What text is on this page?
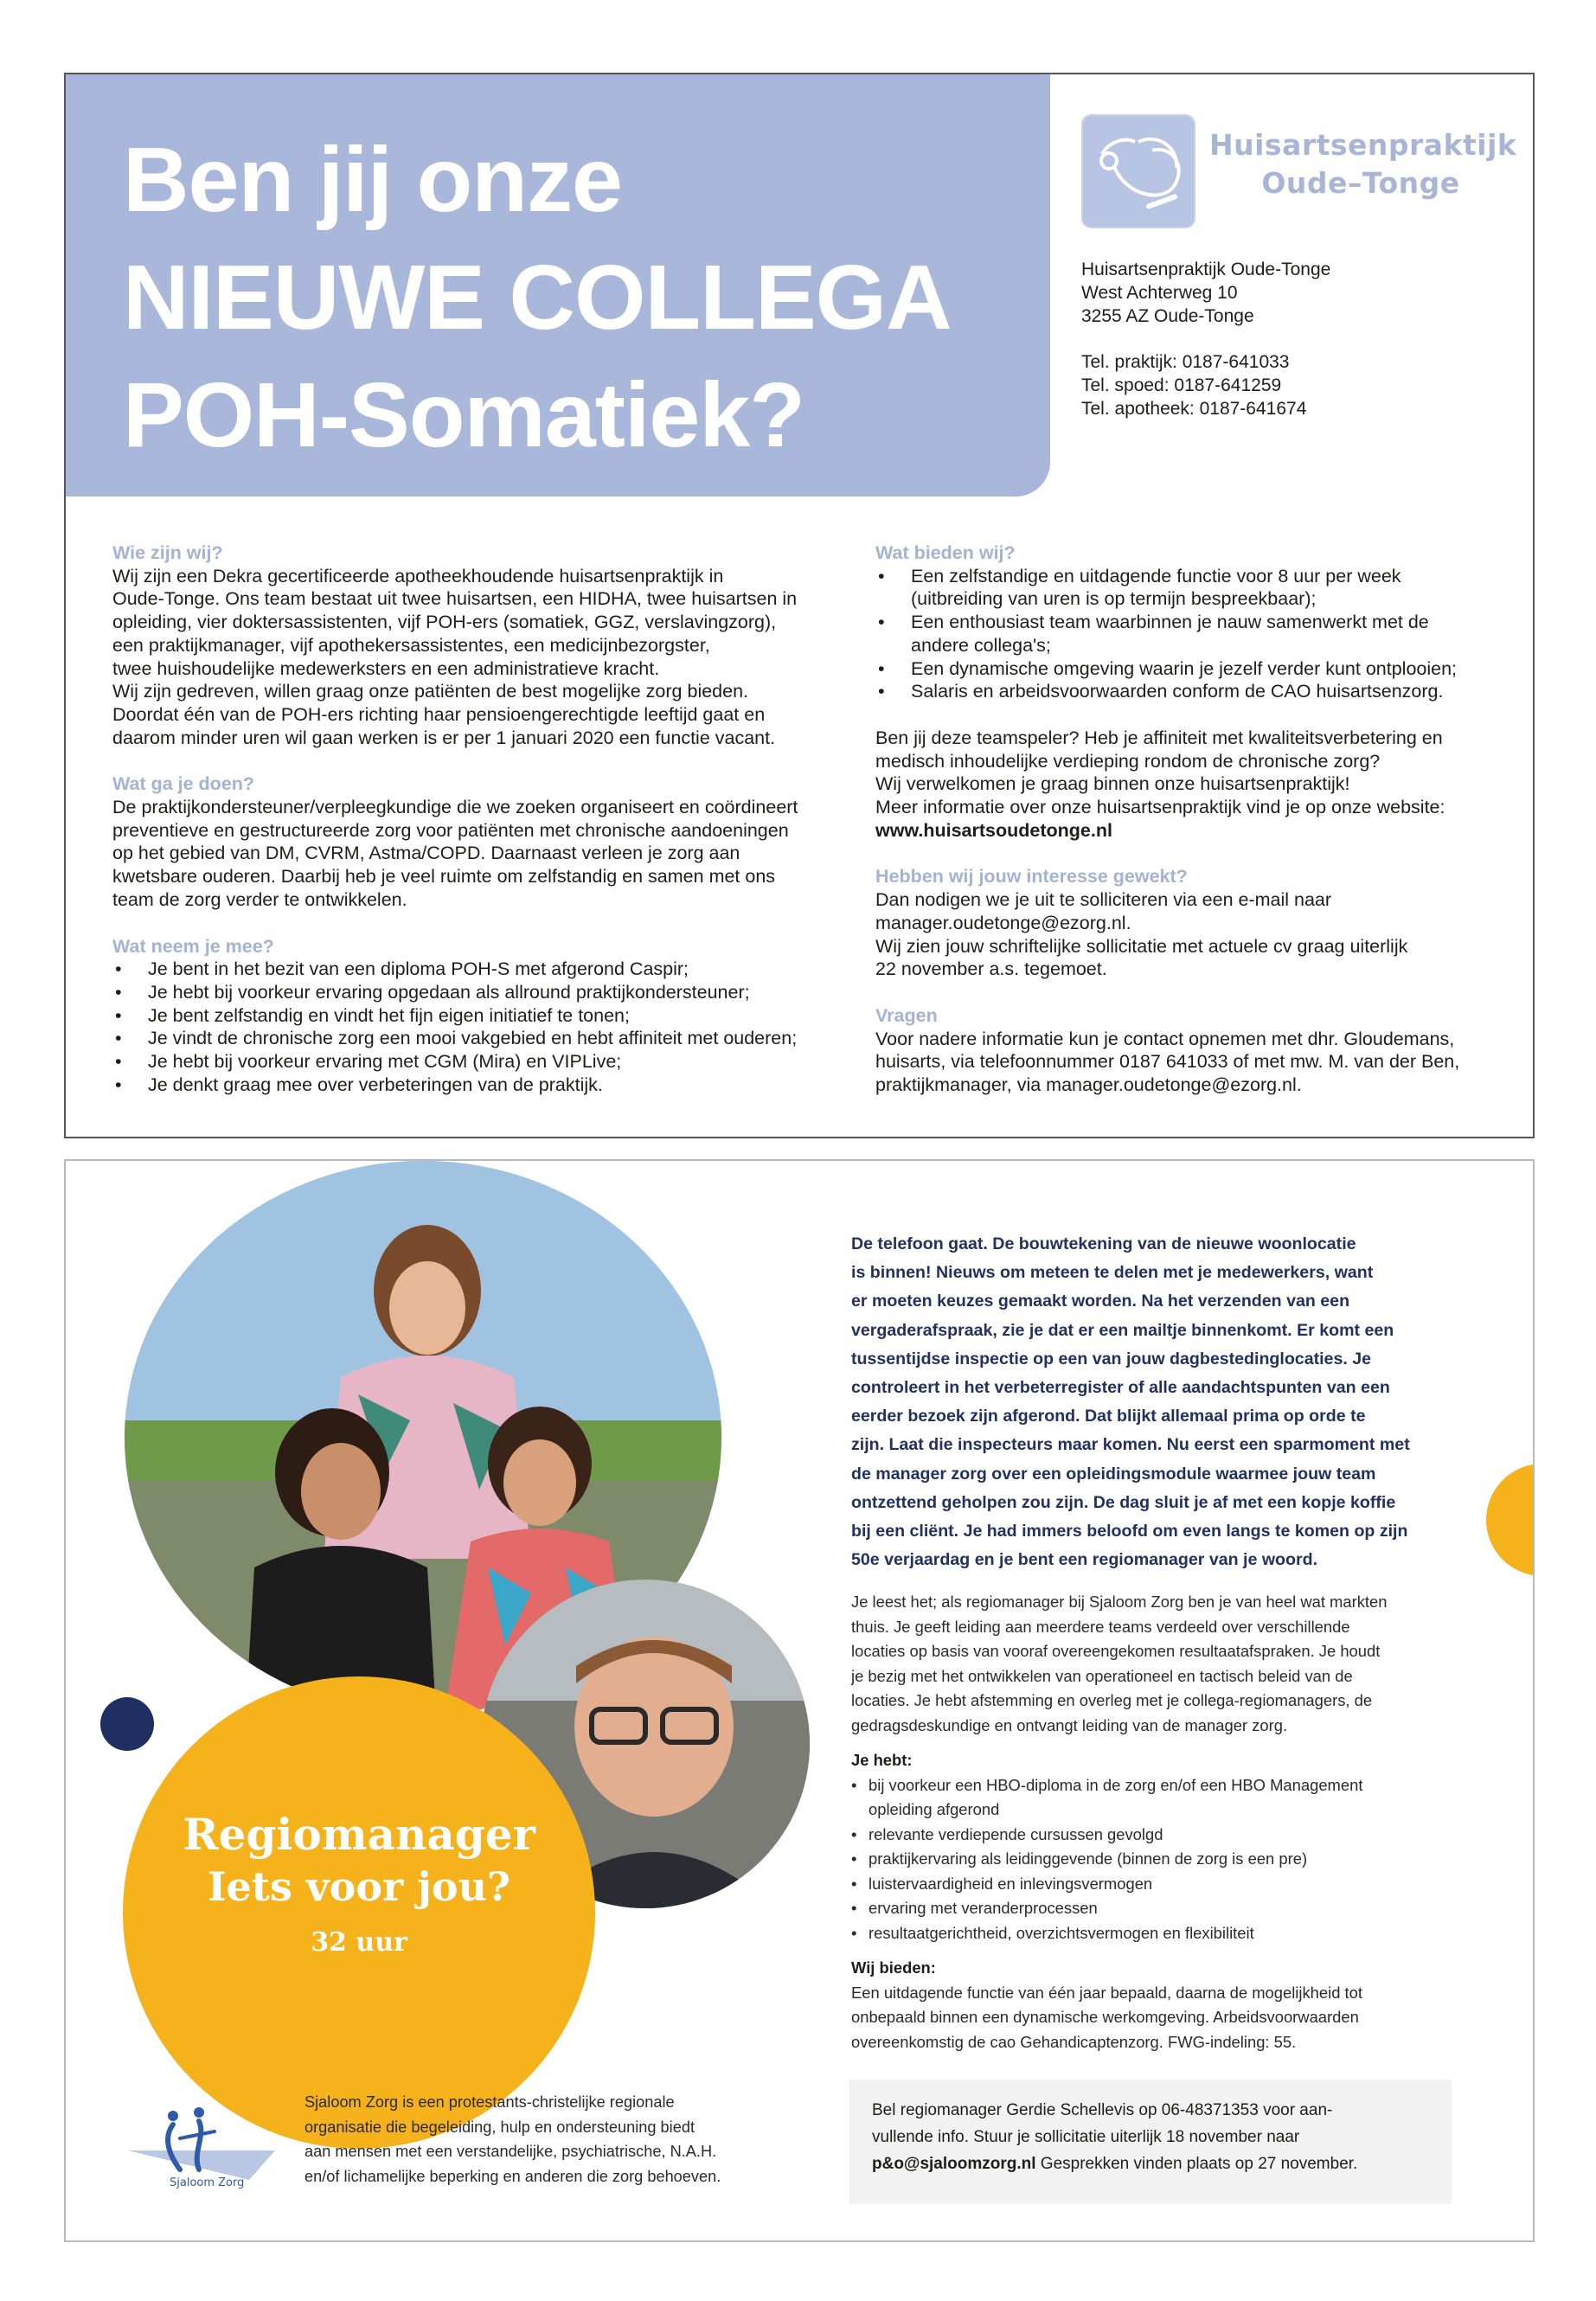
Ben jij onze
NIEUWE COLLEGA
POH-Somatiek?
Huisartsenpraktijk
Oude–Tonge
Huisartsenpraktijk Oude-Tonge
West Achterweg 10
3255 AZ Oude-Tonge
Tel. praktijk: 0187-641033
Tel. spoed: 0187-641259
Tel. apotheek: 0187-641674
Wie zijn wij?
Wij zijn een Dekra gecertificeerde apotheekhoudende huisartsenpraktijk in
Oude-Tonge. Ons team bestaat uit twee huisartsen, een HIDHA, twee huisartsen in
opleiding, vier doktersassistenten, vijf POH-ers (somatiek, GGZ, verslavingzorg),
een praktijkmanager, vijf apothekersassistentes, een medicijnbezorgster,
twee huishoudelijke medewerksters en een administratieve kracht.
Wij zijn gedreven, willen graag onze patiënten de best mogelijke zorg bieden.
Doordat één van de POH-ers richting haar pensioengerechtigde leeftijd gaat en
daarom minder uren wil gaan werken is er per 1 januari 2020 een functie vacant.
Wat ga je doen?
De praktijkondersteuner/verpleegkundige die we zoeken organiseert en coördineert
preventieve en gestructureerde zorg voor patiënten met chronische aandoeningen
op het gebied van DM, CVRM, Astma/COPD. Daarnaast verleen je zorg aan
kwetsbare ouderen. Daarbij heb je veel ruimte om zelfstandig en samen met ons
team de zorg verder te ontwikkelen.
Wat neem je mee?
• Je bent in het bezit van een diploma POH-S met afgerond Caspir;
• Je hebt bij voorkeur ervaring opgedaan als allround praktijkondersteuner;
• Je bent zelfstandig en vindt het fijn eigen initiatief te tonen;
• Je vindt de chronische zorg een mooi vakgebied en hebt affiniteit met ouderen;
• Je hebt bij voorkeur ervaring met CGM (Mira) en VIPLive;
• Je denkt graag mee over verbeteringen van de praktijk.
Wat bieden wij?
• Een zelfstandige en uitdagende functie voor 8 uur per week
(uitbreiding van uren is op termijn bespreekbaar);
• Een enthousiast team waarbinnen je nauw samenwerkt met de
andere collega's;
• Een dynamische omgeving waarin je jezelf verder kunt ontplooien;
• Salaris en arbeidsvoorwaarden conform de CAO huisartsenzorg.
Ben jij deze teamspeler? Heb je affiniteit met kwaliteitsverbetering en
medisch inhoudelijke verdieping rondom de chronische zorg?
Wij verwelkomen je graag binnen onze huisartsenpraktijk!
Meer informatie over onze huisartsenpraktijk vind je op onze website:
www.huisartsoudetonge.nl
Hebben wij jouw interesse gewekt?
Dan nodigen we je uit te solliciteren via een e-mail naar
manager.oudetonge@ezorg.nl.
Wij zien jouw schriftelijke sollicitatie met actuele cv graag uiterlijk
22 november a.s. tegemoet.
Vragen
Voor nadere informatie kun je contact opnemen met dhr. Gloudemans,
huisarts, via telefoonnummer 0187 641033 of met mw. M. van der Ben,
praktijkmanager, via manager.oudetonge@ezorg.nl.
Regiomanager
Iets voor jou?
32 uur
De telefoon gaat. De bouwtekening van de nieuwe woonlocatie
is binnen! Nieuws om meteen te delen met je medewerkers, want
er moeten keuzes gemaakt worden. Na het verzenden van een
vergaderafspraak, zie je dat er een mailtje binnenkomt. Er komt een
tussentijdse inspectie op een van jouw dagbestedinglocaties. Je
controleert in het verbeterregister of alle aandachtspunten van een
eerder bezoek zijn afgerond. Dat blijkt allemaal prima op orde te
zijn. Laat die inspecteurs maar komen. Nu eerst een sparmoment met
de manager zorg over een opleidingsmodule waarmee jouw team
ontzettend geholpen zou zijn. De dag sluit je af met een kopje koffie
bij een cliënt. Je had immers beloofd om even langs te komen op zijn
50e verjaardag en je bent een regiomanager van je woord.
Je leest het; als regiomanager bij Sjaloom Zorg ben je van heel wat markten
thuis. Je geeft leiding aan meerdere teams verdeeld over verschillende
locaties op basis van vooraf overeengekomen resultaatafspraken. Je houdt
je bezig met het ontwikkelen van operationeel en tactisch beleid van de
locaties. Je hebt afstemming en overleg met je collega-regiomanagers, de
gedragsdeskundige en ontvangt leiding van de manager zorg.
Je hebt:
• bij voorkeur een HBO-diploma in de zorg en/of een HBO Management
opleiding afgerond
• relevante verdiepende cursussen gevolgd
• praktijkervaring als leidinggevende (binnen de zorg is een pre)
• luistervaardigheid en inlevingsvermogen
• ervaring met veranderprocessen
• resultaatgerichtheid, overzichtsvermogen en flexibiliteit
Wij bieden:
Een uitdagende functie van één jaar bepaald, daarna de mogelijkheid tot
onbepaald binnen een dynamische werkomgeving. Arbeidsvoorwaarden
overeenkomstig de cao Gehandicaptenzorg. FWG-indeling: 55.
Bel regiomanager Gerdie Schellevis op 06-48371353 voor aan-
vullende info. Stuur je sollicitatie uiterlijk 18 november naar
p&o@sjaloomzorg.nl Gesprekken vinden plaats op 27 november.
Sjaloom Zorg
Sjaloom Zorg is een protestants-christelijke regionale
organisatie die begeleiding, hulp en ondersteuning biedt
aan mensen met een verstandelijke, psychiatrische, N.A.H.
en/of lichamelijke beperking en anderen die zorg behoeven.
